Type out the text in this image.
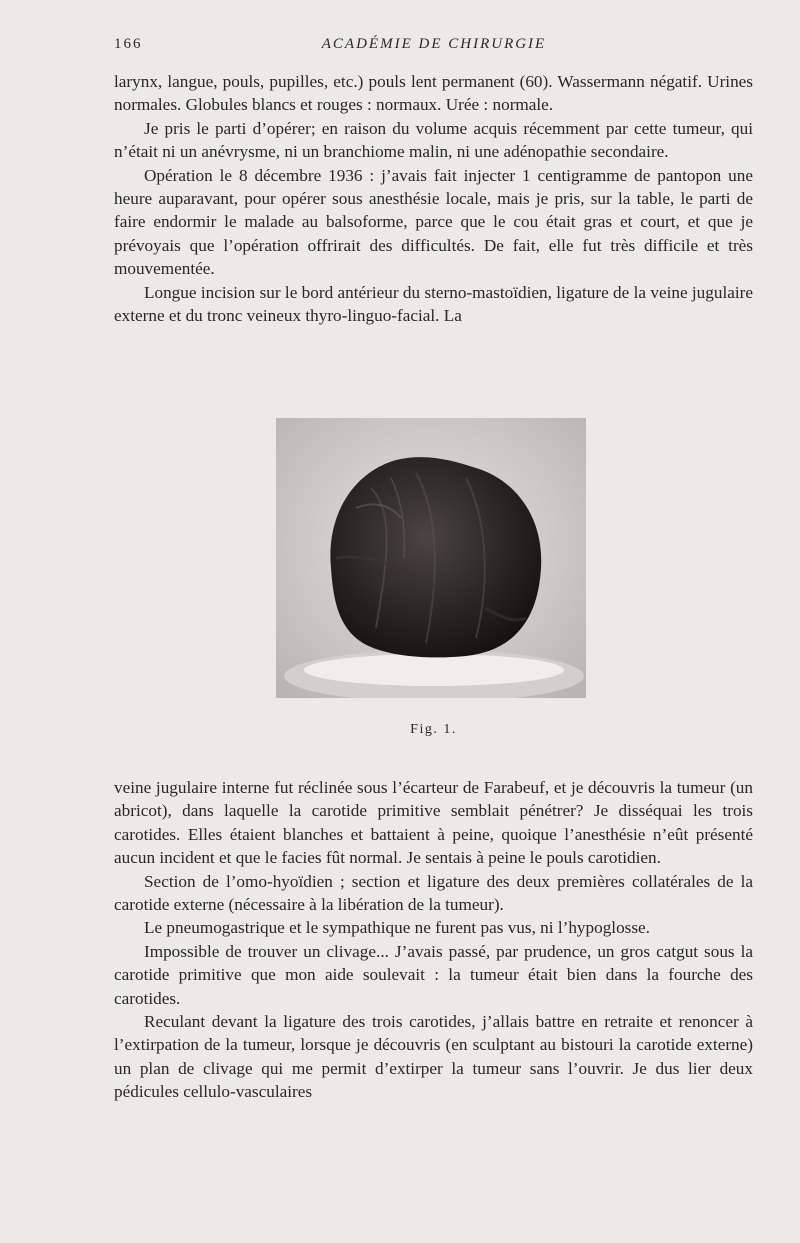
166	ACADÉMIE DE CHIRURGIE

larynx, langue, pouls, pupilles, etc.) pouls lent permanent (60). Wassermann négatif. Urines normales. Globules blancs et rouges : normaux. Urée : normale.

Je pris le parti d’opérer; en raison du volume acquis récemment par cette tumeur, qui n’était ni un anévrysme, ni un branchiome malin, ni une adénopathie secondaire.

Opération le 8 décembre 1936 : j’avais fait injecter 1 centigramme de pantopon une heure auparavant, pour opérer sous anesthésie locale, mais je pris, sur la table, le parti de faire endormir le malade au balsoforme, parce que le cou était gras et court, et que je prévoyais que l’opération offrirait des difficultés. De fait, elle fut très difficile et très mouvementée.

Longue incision sur le bord antérieur du sterno-mastoïdien, ligature de la veine jugulaire externe et du tronc veineux thyro-linguo-facial. La

Fig. 1.

veine jugulaire interne fut réclinée sous l’écarteur de Farabeuf, et je découvris la tumeur (un abricot), dans laquelle la carotide primitive semblait pénétrer? Je disséquai les trois carotides. Elles étaient blanches et battaient à peine, quoique l’anesthésie n’eût présenté aucun incident et que le facies fût normal. Je sentais à peine le pouls carotidien.

Section de l’omo-hyoïdien ; section et ligature des deux premières collatérales de la carotide externe (nécessaire à la libération de la tumeur).

Le pneumogastrique et le sympathique ne furent pas vus, ni l’hypoglosse.

Impossible de trouver un clivage... J’avais passé, par prudence, un gros catgut sous la carotide primitive que mon aide soulevait : la tumeur était bien dans la fourche des carotides.

Reculant devant la ligature des trois carotides, j’allais battre en retraite et renoncer à l’extirpation de la tumeur, lorsque je découvris (en sculptant au bistouri la carotide externe) un plan de clivage qui me permit d’extirper la tumeur sans l’ouvrir. Je dus lier deux pédicules cellulo-vasculaires
